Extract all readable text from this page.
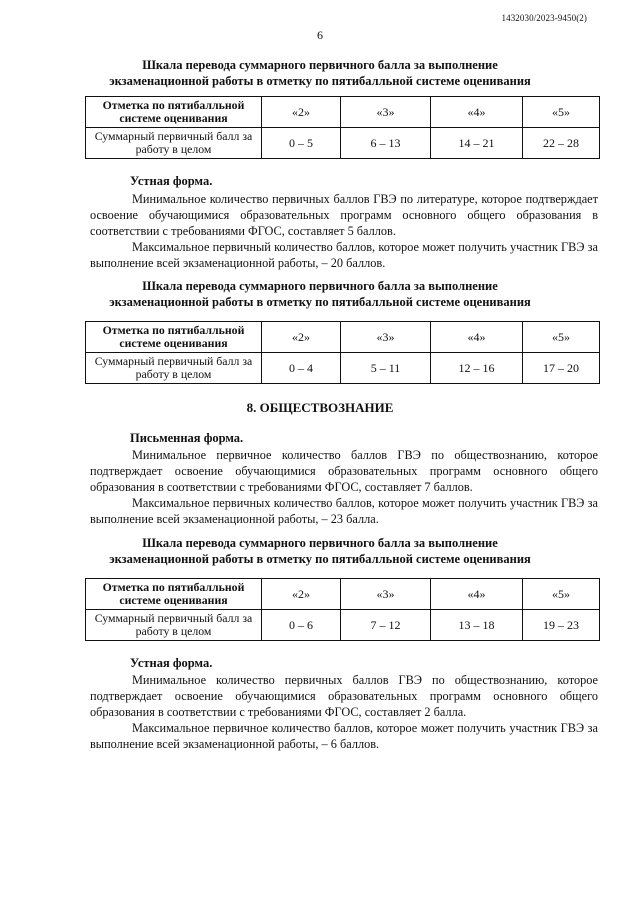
1432030/2023-9450(2)
6
Шкала перевода суммарного первичного балла за выполнение
экзаменационной работы в отметку по пятибалльной системе оценивания
Отметка по пятибалльной системе оценивания	«2»	«3»	«4»	«5»
Суммарный первичный балл за работу в целом	0 – 5	6 – 13	14 – 21	22 – 28
Устная форма.

Минимальное количество первичных баллов ГВЭ по литературе, которое подтверждает освоение обучающимися образовательных программ основного общего образования в соответствии с требованиями ФГОС, составляет 5 баллов.

Максимальное первичный количество баллов, которое может получить участник ГВЭ за выполнение всей экзаменационной работы, – 20 баллов.

Шкала перевода суммарного первичного балла за выполнение
экзаменационной работы в отметку по пятибалльной системе оценивания
Отметка по пятибалльной системе оценивания	«2»	«3»	«4»	«5»
Суммарный первичный балл за работу в целом	0 – 4	5 – 11	12 – 16	17 – 20
8. ОБЩЕСТВОЗНАНИЕ
Письменная форма.

Минимальное первичное количество баллов ГВЭ по обществознанию, которое подтверждает освоение обучающимися образовательных программ основного общего образования в соответствии с требованиями ФГОС, составляет 7 баллов.

Максимальное первичных количество баллов, которое может получить участник ГВЭ за выполнение всей экзаменационной работы, – 23 балла.

Шкала перевода суммарного первичного балла за выполнение
экзаменационной работы в отметку по пятибалльной системе оценивания
Отметка по пятибалльной системе оценивания	«2»	«3»	«4»	«5»
Суммарный первичный балл за работу в целом	0 – 6	7 – 12	13 – 18	19 – 23
Устная форма.

Минимальное количество первичных баллов ГВЭ по обществознанию, которое подтверждает освоение обучающимися образовательных программ основного общего образования в соответствии с требованиями ФГОС, составляет 2 балла.

Максимальное первичное количество баллов, которое может получить участник ГВЭ за выполнение всей экзаменационной работы, – 6 баллов.
